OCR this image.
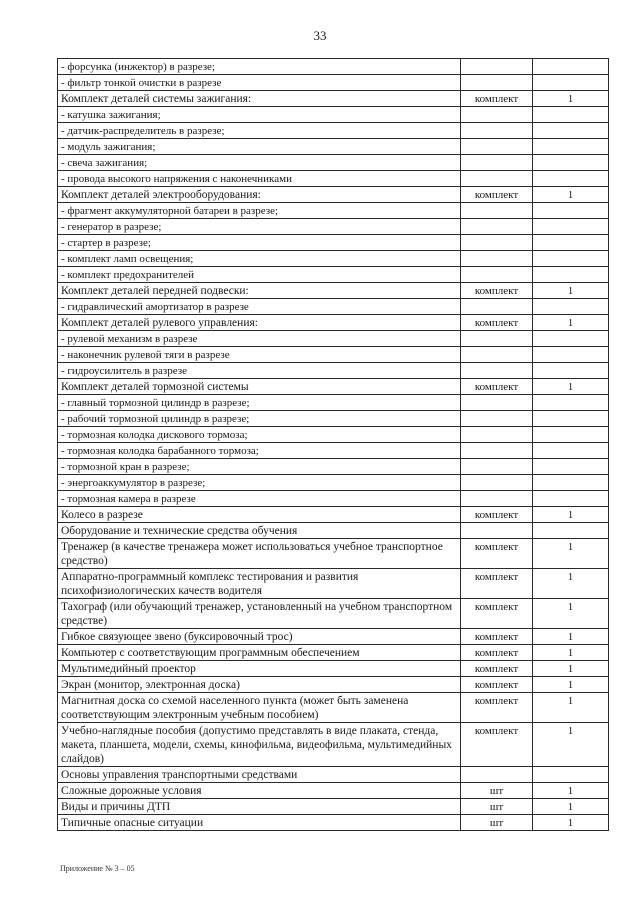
33
- форсунка (инжектор) в разрезе;		
- фильтр тонкой очистки в разрезе		
Комплект деталей системы зажигания:	комплект	1
- катушка зажигания;		
- датчик-распределитель в разрезе;		
- модуль зажигания;		
- свеча зажигания;		
- провода высокого напряжения с наконечниками		
Комплект деталей электрооборудования:	комплект	1
- фрагмент аккумуляторной батареи в разрезе;		
- генератор в разрезе;		
- стартер в разрезе;		
- комплект ламп освещения;		
- комплект предохранителей		
Комплект деталей передней подвески:	комплект	1
- гидравлический амортизатор в разрезе		
Комплект деталей рулевого управления:	комплект	1
- рулевой механизм в разрезе		
- наконечник рулевой тяги в разрезе		
- гидроусилитель в разрезе		
Комплект деталей тормозной системы	комплект	1
- главный тормозной цилиндр в разрезе;		
- рабочий тормозной цилиндр в разрезе;		
- тормозная колодка дискового тормоза;		
- тормозная колодка барабанного тормоза;		
- тормозной кран в разрезе;		
- энергоаккумулятор в разрезе;		
- тормозная камера в разрезе		
Колесо в разрезе	комплект	1
Оборудование и технические средства обучения		
Тренажер (в качестве тренажера может использоваться учебное транспортное средство)	комплект	1
Аппаратно-программный комплекс тестирования и развития психофизиологических качеств водителя	комплект	1
Тахограф (или обучающий тренажер, установленный на учебном транспортном средстве)	комплект	1
Гибкое связующее звено (буксировочный трос)	комплект	1
Компьютер с соответствующим программным обеспечением	комплект	1
Мультимедийный проектор	комплект	1
Экран (монитор, электронная доска)	комплект	1
Магнитная доска со схемой населенного пункта (может быть заменена соответствующим электронным учебным пособием)	комплект	1
Учебно-наглядные пособия (допустимо представлять в виде плаката, стенда, макета, планшета, модели, схемы, кинофильма, видеофильма, мультимедийных слайдов)	комплект	1
Основы управления транспортными средствами		
Сложные дорожные условия	шт	1
Виды и причины ДТП	шт	1
Типичные опасные ситуации	шт	1
Приложение № 3 – 05
